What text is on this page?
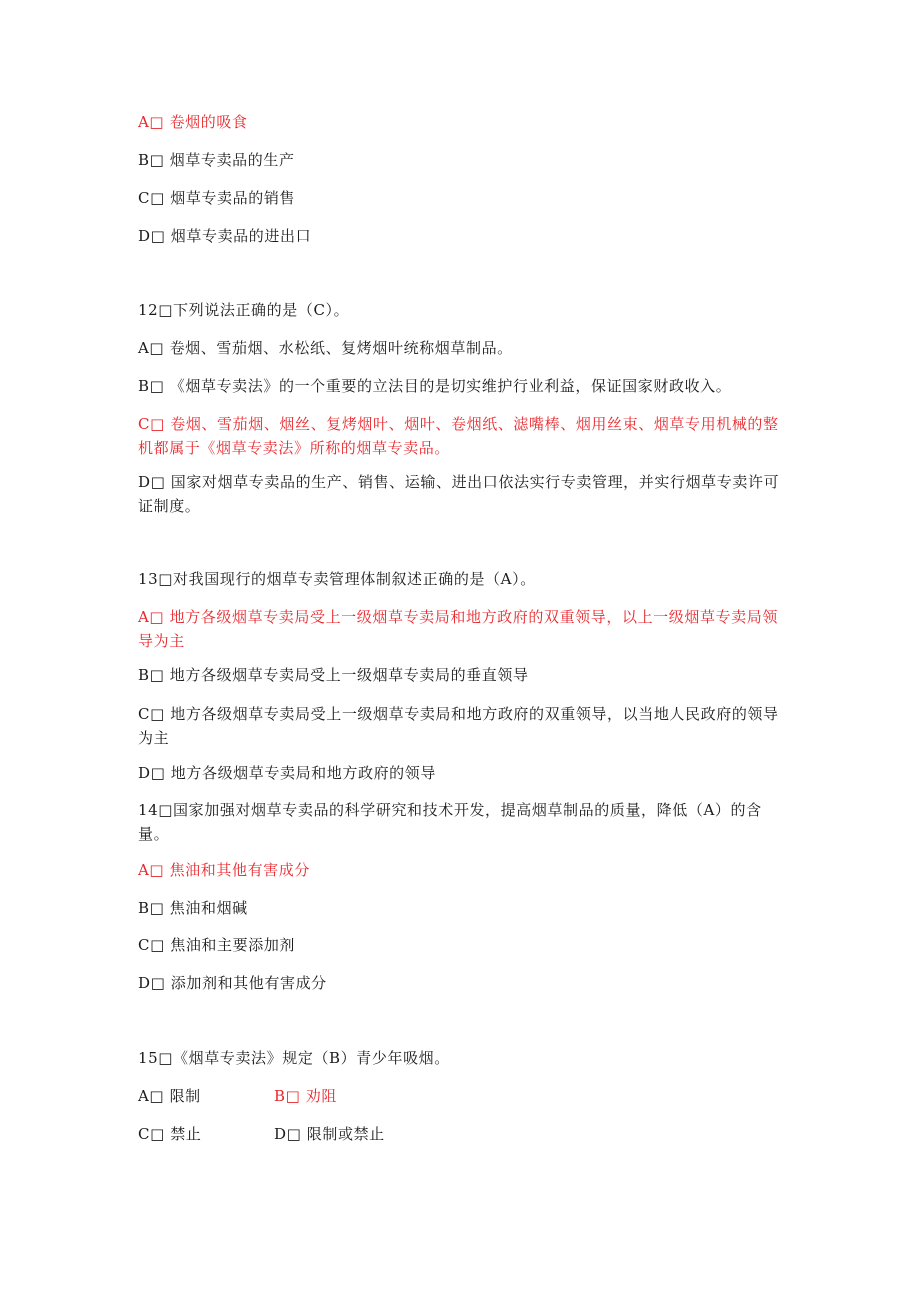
A□ 卷烟的吸食
B□ 烟草专卖品的生产
C□ 烟草专卖品的销售
D□ 烟草专卖品的进出口
12□下列说法正确的是（C）。
A□ 卷烟、雪茄烟、水松纸、复烤烟叶统称烟草制品。
B□ 《烟草专卖法》的一个重要的立法目的是切实维护行业利益，保证国家财政收入。
C□ 卷烟、雪茄烟、烟丝、复烤烟叶、烟叶、卷烟纸、滤嘴棒、烟用丝束、烟草专用机械的整机都属于《烟草专卖法》所称的烟草专卖品。
D□ 国家对烟草专卖品的生产、销售、运输、进出口依法实行专卖管理，并实行烟草专卖许可证制度。
13□对我国现行的烟草专卖管理体制叙述正确的是（A）。
A□ 地方各级烟草专卖局受上一级烟草专卖局和地方政府的双重领导，以上一级烟草专卖局领导为主
B□ 地方各级烟草专卖局受上一级烟草专卖局的垂直领导
C□ 地方各级烟草专卖局受上一级烟草专卖局和地方政府的双重领导，以当地人民政府的领导为主
D□ 地方各级烟草专卖局和地方政府的领导
14□国家加强对烟草专卖品的科学研究和技术开发，提高烟草制品的质量，降低（A）的含量。
A□ 焦油和其他有害成分
B□ 焦油和烟碱
C□ 焦油和主要添加剂
D□ 添加剂和其他有害成分
15□《烟草专卖法》规定（B）青少年吸烟。
A□ 限制	B□ 劝阻
C□ 禁止	D□ 限制或禁止
